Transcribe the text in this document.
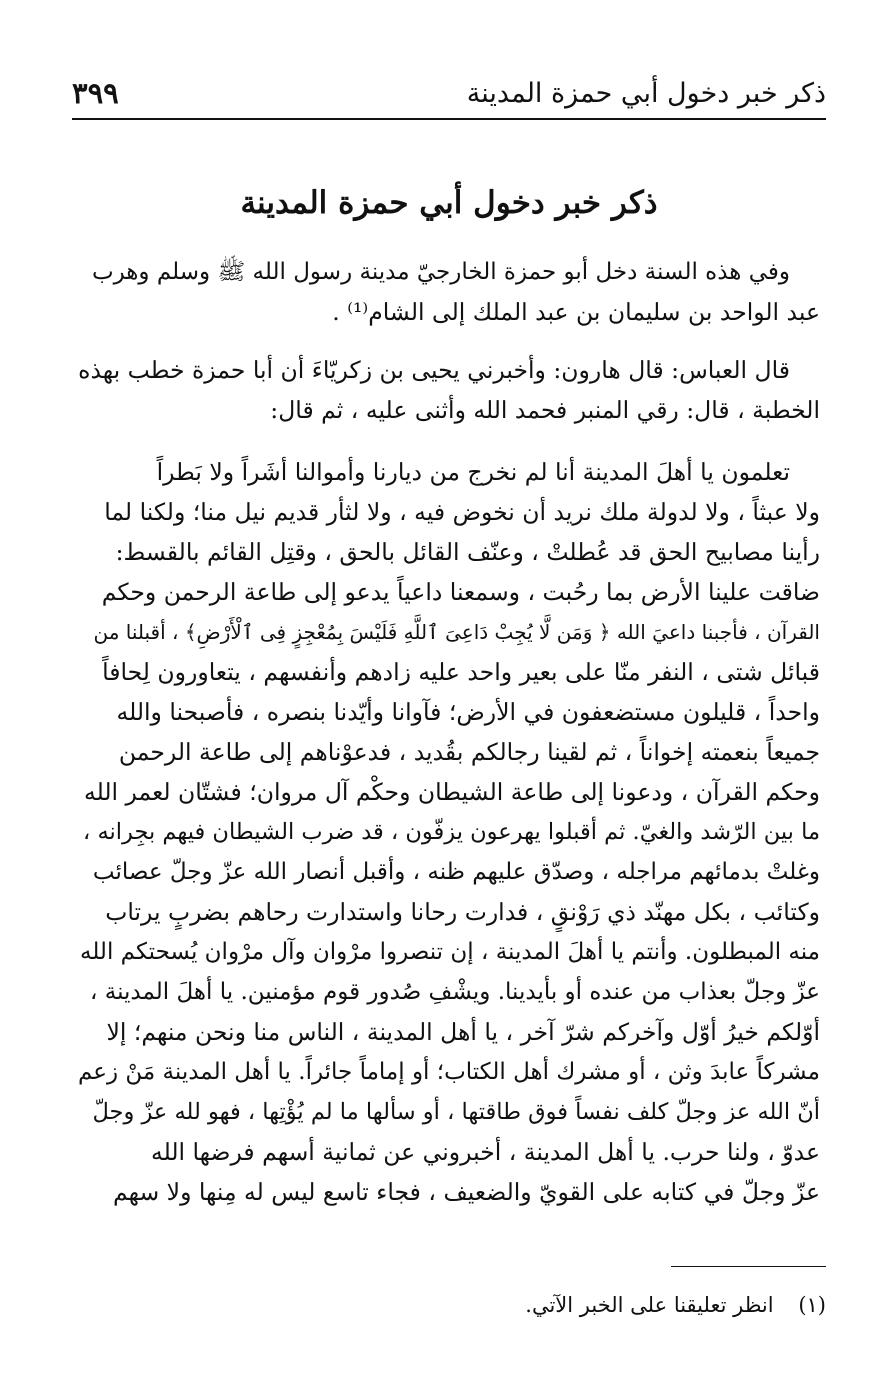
ذكر خبر دخول أبي حمزة المدينة
٣٩٩
ذكر خبر دخول أبي حمزة المدينة
وفي هذه السنة دخل أبو حمزة الخارجيّ مدينة رسول الله ﷺ وسلم وهرب
عبد الواحد بن سليمان بن عبد الملك إلى الشام⁽¹⁾ .
قال العباس: قال هارون: وأخبرني يحيى بن زكريّاءَ أن أبا حمزة خطب بهذه
الخطبة ، قال: رقي المنبر فحمد الله وأثنى عليه ، ثم قال:
تعلمون يا أهلَ المدينة أنا لم نخرج من ديارنا وأموالنا أشَراً ولا بَطراً
ولا عبثاً ، ولا لدولة ملك نريد أن نخوض فيه ، ولا لثأر قديم نيل منا؛ ولكنا لما
رأينا مصابيح الحق قد عُطلتْ ، وعنّف القائل بالحق ، وقتِل القائم بالقسط:
ضاقت علينا الأرض بما رحُبت ، وسمعنا داعياً يدعو إلى طاعة الرحمن وحكم
القرآن ، فأجبنا داعيَ الله ﴿ وَمَن لَّا يُجِبْ دَاعِىَ ٱللَّهِ فَلَيْسَ بِمُعْجِزٍ فِى ٱلْأَرْضِ﴾ ، أقبلنا من
قبائل شتى ، النفر منّا على بعير واحد عليه زادهم وأنفسهم ، يتعاورون لِحافاً
واحداً ، قليلون مستضعفون في الأرض؛ فآوانا وأيّدنا بنصره ، فأصبحنا والله
جميعاً بنعمته إخواناً ، ثم لقينا رجالكم بقُديد ، فدعوْناهم إلى طاعة الرحمن
وحكم القرآن ، ودعونا إلى طاعة الشيطان وحكْم آل مروان؛ فشتّان لعمر الله
ما بين الرّشد والغيّ. ثم أقبلوا يهرعون يزفّون ، قد ضرب الشيطان فيهم بجِرانه ،
وغلتْ بدمائهم مراجله ، وصدّق عليهم ظنه ، وأقبل أنصار الله عزّ وجلّ عصائب
وكتائب ، بكل مهنّد ذي رَوْنقٍ ، فدارت رحانا واستدارت رحاهم بضربٍ يرتاب
منه المبطلون. وأنتم يا أهلَ المدينة ، إن تنصروا مرْوان وآل مرْوان يُسحتكم الله
عزّ وجلّ بعذاب من عنده أو بأيدينا. ويشْفِ صُدور قوم مؤمنين. يا أهلَ المدينة ،
أوّلكم خيرُ أوّل وآخركم شرّ آخر ، يا أهل المدينة ، الناس منا ونحن منهم؛ إلا
مشركاً عابدَ وثن ، أو مشرك أهل الكتاب؛ أو إماماً جائراً. يا أهل المدينة مَنْ زعم
أنّ الله عز وجلّ كلف نفساً فوق طاقتها ، أو سألها ما لم يُؤْتِها ، فهو لله عزّ وجلّ
عدوّ ، ولنا حرب. يا أهل المدينة ، أخبروني عن ثمانية أسهم فرضها الله
عزّ وجلّ في كتابه على القويّ والضعيف ، فجاء تاسع ليس له مِنها ولا سهم
(١) انظر تعليقنا على الخبر الآتي.
